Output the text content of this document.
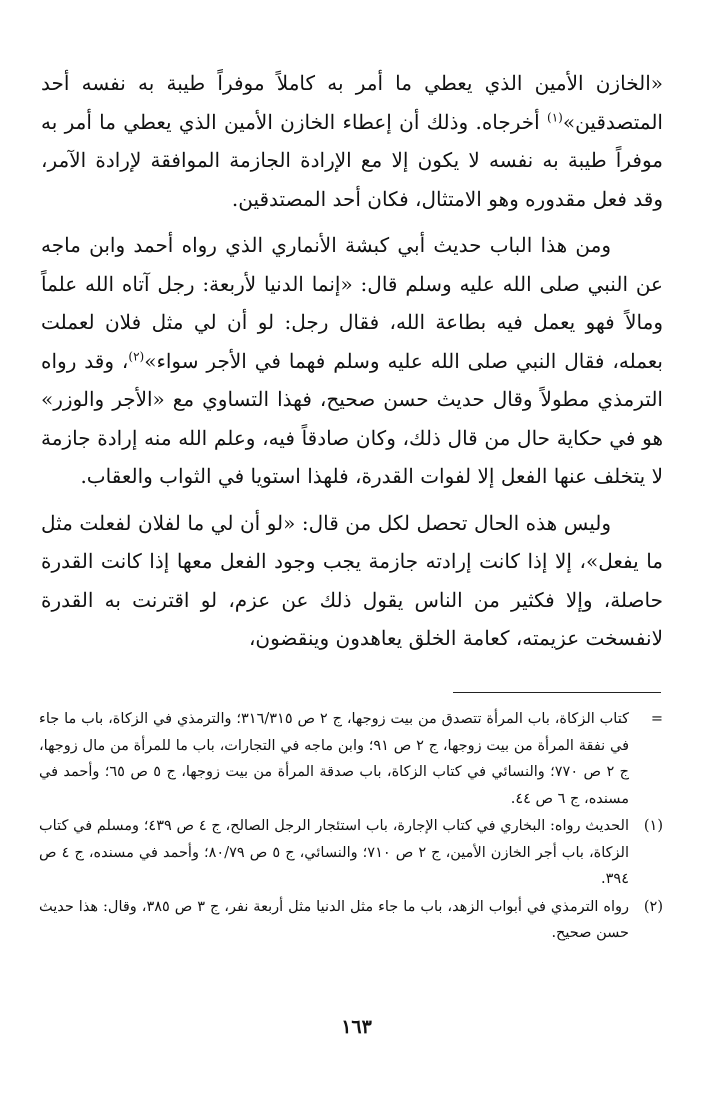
«الخازن الأمين الذي يعطي ما أمر به كاملاً موفراً طيبة به نفسه أحد المتصدقين»$^{(١)}$ أخرجاه. وذلك أن إعطاء الخازن الأمين الذي يعطي ما أمر به موفراً طيبة به نفسه لا يكون إلا مع الإرادة الجازمة الموافقة لإرادة الآمر، وقد فعل مقدوره وهو الامتثال، فكان أحد المصتدقين.

ومن هذا الباب حديث أبي كبشة الأنماري الذي رواه أحمد وابن ماجه عن النبي صلى الله عليه وسلم قال: «إنما الدنيا لأربعة: رجل آتاه الله علماً ومالاً فهو يعمل فيه بطاعة الله، فقال رجل: لو أن لي مثل فلان لعملت بعمله، فقال النبي صلى الله عليه وسلم فهما في الأجر سواء»$^{(٢)}$، وقد رواه الترمذي مطولاً وقال حديث حسن صحيح، فهذا التساوي مع «الأجر والوزر» هو في حكاية حال من قال ذلك، وكان صادقاً فيه، وعلم الله منه إرادة جازمة لا يتخلف عنها الفعل إلا لفوات القدرة، فلهذا استويا في الثواب والعقاب.

وليس هذه الحال تحصل لكل من قال: «لو أن لي ما لفلان لفعلت مثل ما يفعل»، إلا إذا كانت إرادته جازمة يجب وجود الفعل معها إذا كانت القدرة حاصلة، وإلا فكثير من الناس يقول ذلك عن عزم، لو اقترنت به القدرة لانفسخت عزيمته، كعامة الخلق يعاهدون وينقضون،

=
كتاب الزكاة، باب المرأة تتصدق من بيت زوجها، ج ٢ ص ٣١٦/٣١٥؛ والترمذي في الزكاة، باب ما جاء في نفقة المرأة من بيت زوجها، ج ٢ ص ٩١؛ وابن ماجه في التجارات، باب ما للمرأة من مال زوجها، ج ٢ ص ٧٧٠؛ والنسائي في كتاب الزكاة، باب صدقة المرأة من بيت زوجها، ج ٥ ص ٦٥؛ وأحمد في مسنده، ج ٦ ص ٤٤.
(١)
الحديث رواه: البخاري في كتاب الإجارة، باب استئجار الرجل الصالح، ج ٤ ص ٤٣٩؛ ومسلم في كتاب الزكاة، باب أجر الخازن الأمين، ج ٢ ص ٧١٠؛ والنسائي، ج ٥ ص ٨٠/٧٩؛ وأحمد في مسنده، ج ٤ ص ٣٩٤.
(٢)
رواه الترمذي في أبواب الزهد، باب ما جاء مثل الدنيا مثل أربعة نفر، ج ٣ ص ٣٨٥، وقال: هذا حديث حسن صحيح.
١٦٣
